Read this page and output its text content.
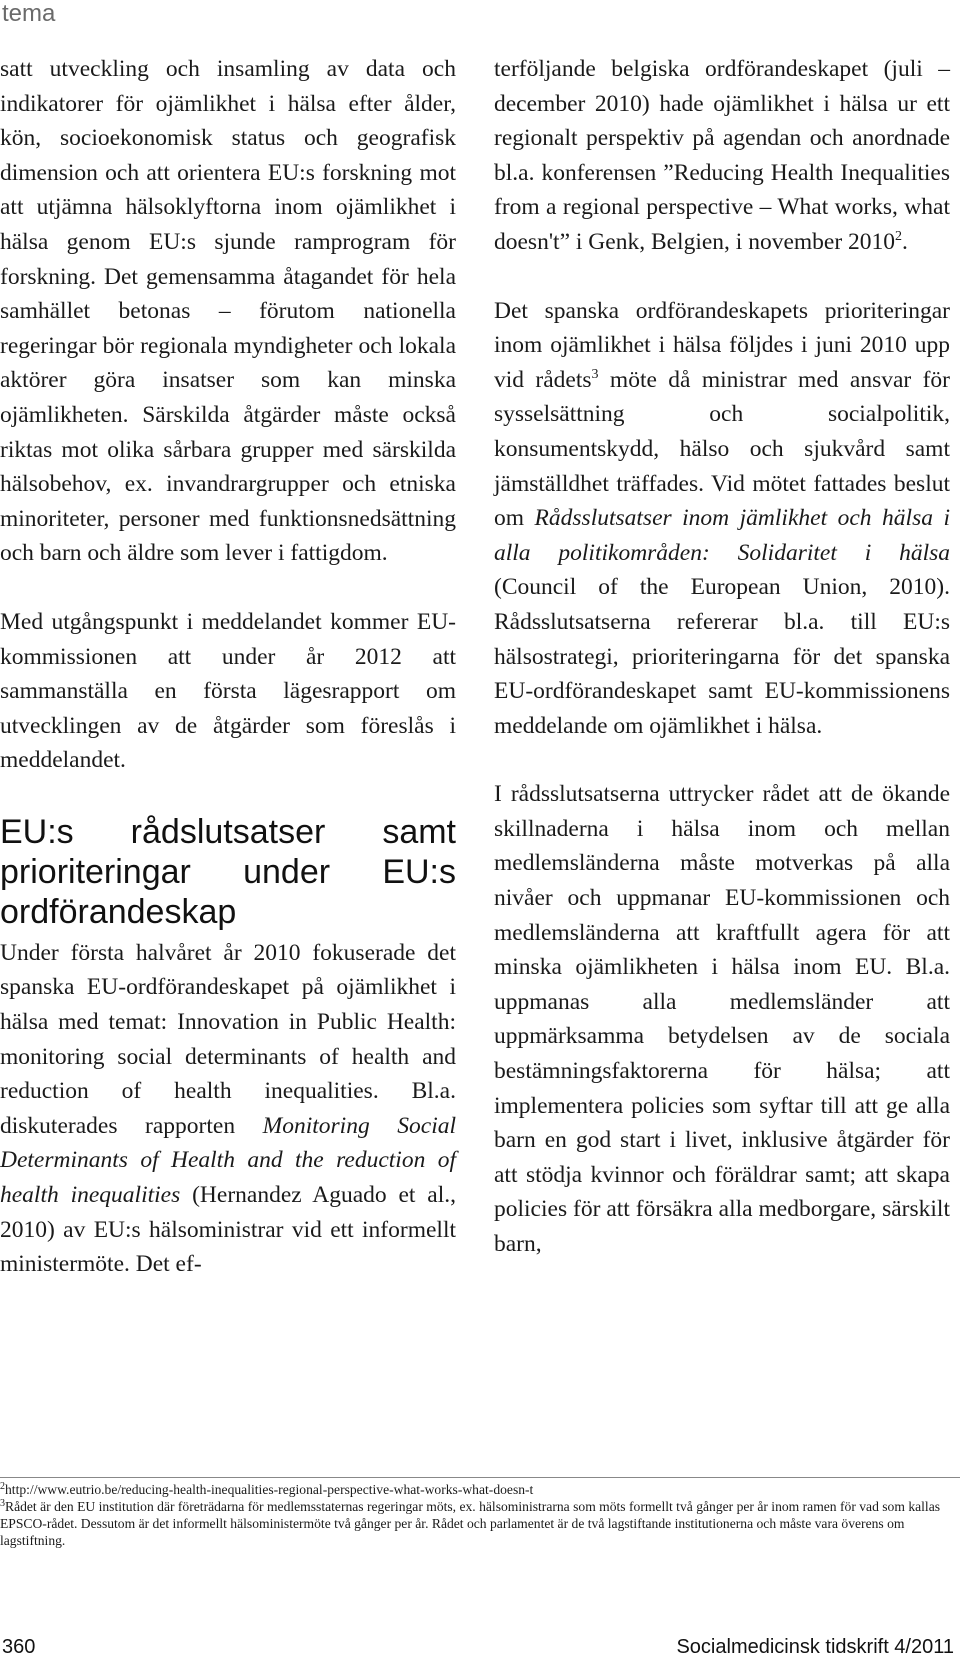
tema

satt utveckling och insamling av data och indikatorer för ojämlikhet i hälsa efter ålder, kön, socioekonomisk status och geografisk dimension och att orientera EU:s forskning mot att utjämna hälsoklyftorna inom ojämlikhet i hälsa genom EU:s sjunde ramprogram för forskning. Det gemensamma åtagandet för hela samhället betonas – förutom nationella regeringar bör regionala myndigheter och lokala aktörer göra insatser som kan minska ojämlikheten. Särskilda åtgärder måste också riktas mot olika sårbara grupper med särskilda hälsobehov, ex. invandrargrupper och etniska minoriteter, personer med funktionsnedsättning och barn och äldre som lever i fattigdom.

Med utgångspunkt i meddelandet kommer EU-kommissionen att under år 2012 att sammanställa en första lägesrapport om utvecklingen av de åtgärder som föreslås i meddelandet.

EU:s rådslutsatser samt prioriteringar under EU:s ordförandeskap

Under första halvåret år 2010 fokuserade det spanska EU-ordförandeskapet på ojämlikhet i hälsa med temat: Innovation in Public Health: monitoring social determinants of health and reduction of health inequalities. Bl.a. diskuterades rapporten Monitoring Social Determinants of Health and the reduction of health inequalities (Hernandez Aguado et al., 2010) av EU:s hälsoministrar vid ett informellt ministermöte. Det ef-

terföljande belgiska ordförandeskapet (juli – december 2010) hade ojämlikhet i hälsa ur ett regionalt perspektiv på agendan och anordnade bl.a. konferensen ”Reducing Health Inequalities from a regional perspective – What works, what doesn't” i Genk, Belgien, i november 2010$^2$.

Det spanska ordförandeskapets prioriteringar inom ojämlikhet i hälsa följdes i juni 2010 upp vid rådets$^3$ möte då ministrar med ansvar för sysselsättning och socialpolitik, konsumentskydd, hälso och sjukvård samt jämställdhet träffades. Vid mötet fattades beslut om Rådsslutsatser inom jämlikhet och hälsa i alla politikområden: Solidaritet i hälsa (Council of the European Union, 2010). Rådsslutsatserna refererar bl.a. till EU:s hälsostrategi, prioriteringarna för det spanska EU-ordförandeskapet samt EU-kommissionens meddelande om ojämlikhet i hälsa.

I rådsslutsatserna uttrycker rådet att de ökande skillnaderna i hälsa inom och mellan medlemsländerna måste motverkas på alla nivåer och uppmanar EU-kommissionen och medlemsländerna att kraftfullt agera för att minska ojämlikheten i hälsa inom EU. Bl.a. uppmanas alla medlemsländer att uppmärksamma betydelsen av de sociala bestämningsfaktorerna för hälsa; att implementera policies som syftar till att ge alla barn en god start i livet, inklusive åtgärder för att stödja kvinnor och föräldrar samt; att skapa policies för att försäkra alla medborgare, särskilt barn,

$^2$http://www.eutrio.be/reducing-health-inequalities-regional-perspective-what-works-what-doesn-t

$^3$Rådet är den EU institution där företrädarna för medlemsstaternas regeringar möts, ex. hälsoministrarna som möts formellt två gånger per år inom ramen för vad som kallas EPSCO-rådet. Dessutom är det informellt hälsoministermöte två gånger per år. Rådet och parlamentet är de två lagstiftande institutionerna och måste vara överens om lagstiftning.

360	Socialmedicinsk tidskrift 4/2011
